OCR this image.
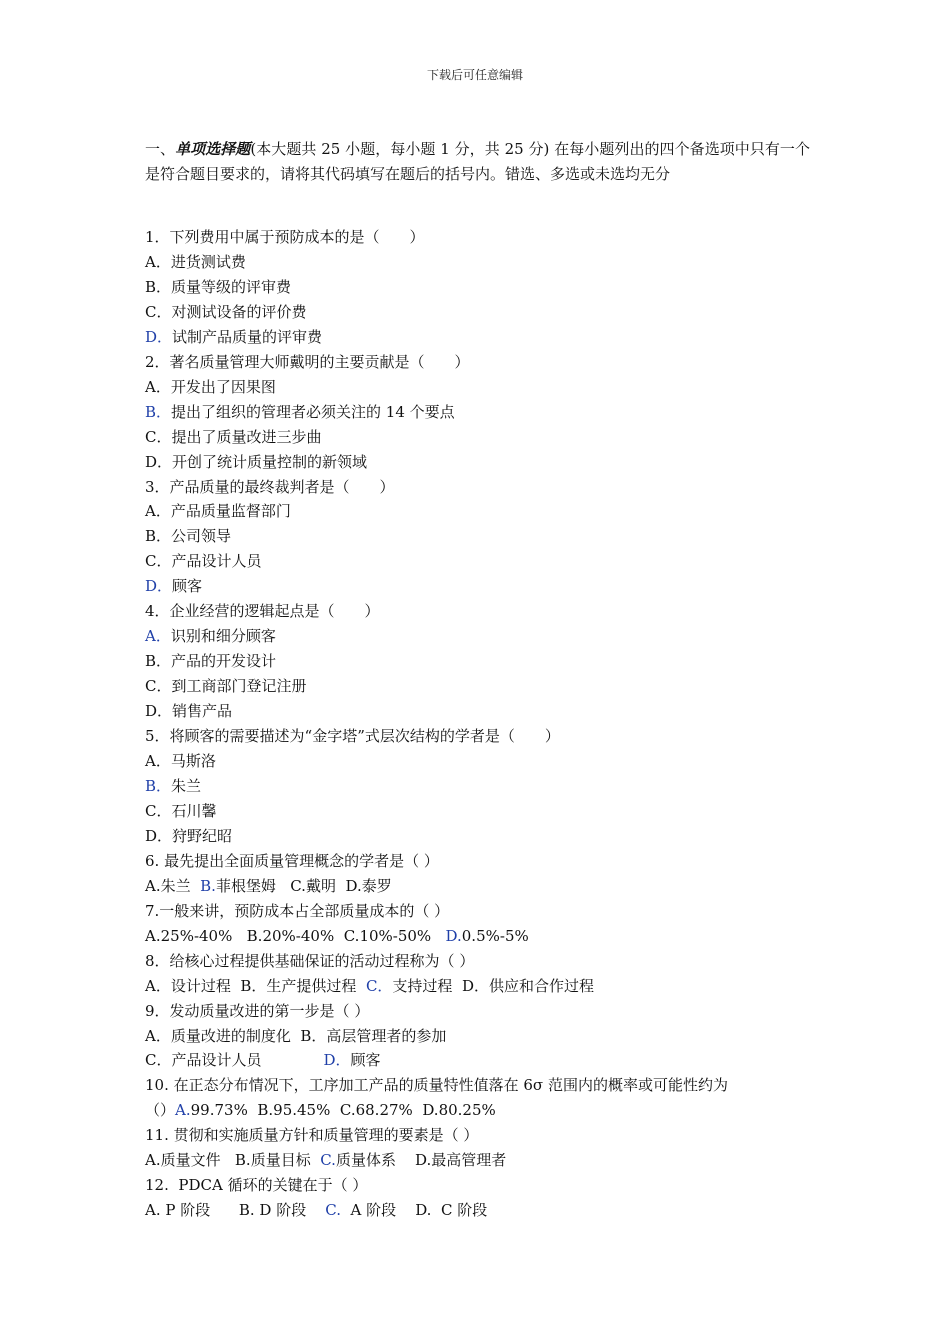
下载后可任意编辑

一、单项选择题(本大题共 25 小题，每小题 1 分，共 25 分) 在每小题列出的四个备选项中只有一个是符合题目要求的，请将其代码填写在题后的括号内。错选、多选或未选均无分

1．下列费用中属于预防成本的是（　　）

A．进货测试费

B．质量等级的评审费

C．对测试设备的评价费

D．试制产品质量的评审费

2．著名质量管理大师戴明的主要贡献是（　　）

A．开发出了因果图

B．提出了组织的管理者必须关注的 14 个要点

C．提出了质量改进三步曲

D．开创了统计质量控制的新领域

3．产品质量的最终裁判者是（　　）

A．产品质量监督部门

B．公司领导

C．产品设计人员

D．顾客

4．企业经营的逻辑起点是（　　）

A．识别和细分顾客

B．产品的开发设计

C．到工商部门登记注册

D．销售产品

5．将顾客的需要描述为“金字塔”式层次结构的学者是（　　）

A．马斯洛

B．朱兰

C．石川馨

D．狩野纪昭

6. 最先提出全面质量管理概念的学者是（ ）

A.朱兰  B.菲根堡姆   C.戴明  D.泰罗

7.一般来讲，预防成本占全部质量成本的（ ）

A.25%-40%   B.20%-40%  C.10%-50%   D.0.5%-5%

8．给核心过程提供基础保证的活动过程称为（ ）

A．设计过程  B．生产提供过程  C．支持过程  D．供应和合作过程

9．发动质量改进的第一步是（ ）

A．质量改进的制度化  B．高层管理者的参加

C．产品设计人员             D．顾客

10. 在正态分布情况下，工序加工产品的质量特性值落在 6σ 范围内的概率或可能性约为

（）A.99.73%  B.95.45%  C.68.27%  D.80.25%

11. 贯彻和实施质量方针和质量管理的要素是（ ）

A.质量文件   B.质量目标  C.质量体系    D.最高管理者

12.  PDCA 循环的关键在于（ ）

A. P 阶段      B. D 阶段    C.  A 阶段    D.  C 阶段
